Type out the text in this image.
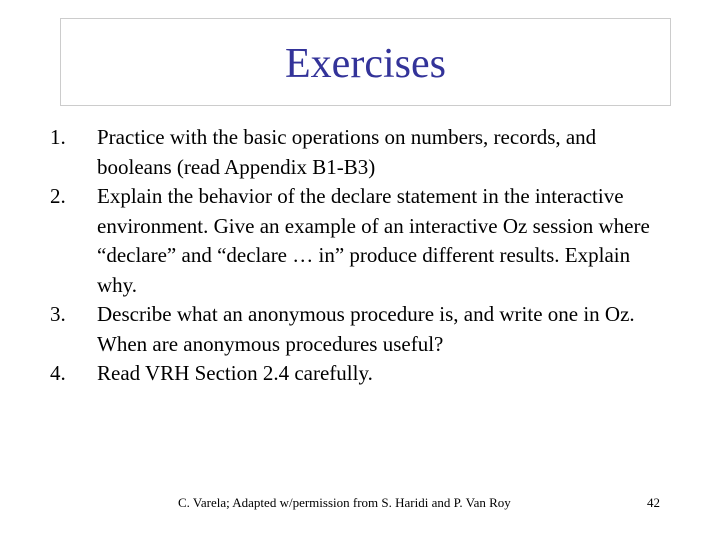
Exercises
1.	Practice with the basic operations on numbers, records, and booleans (read Appendix B1-B3)
2.	Explain the behavior of the declare statement in the interactive environment. Give an example of an interactive Oz session where “declare” and “declare … in” produce different results. Explain why.
3.	Describe what an anonymous procedure is, and write one in Oz. When are anonymous procedures useful?
4.	Read VRH Section 2.4 carefully.
C. Varela; Adapted w/permission from S. Haridi and P. Van Roy	42
